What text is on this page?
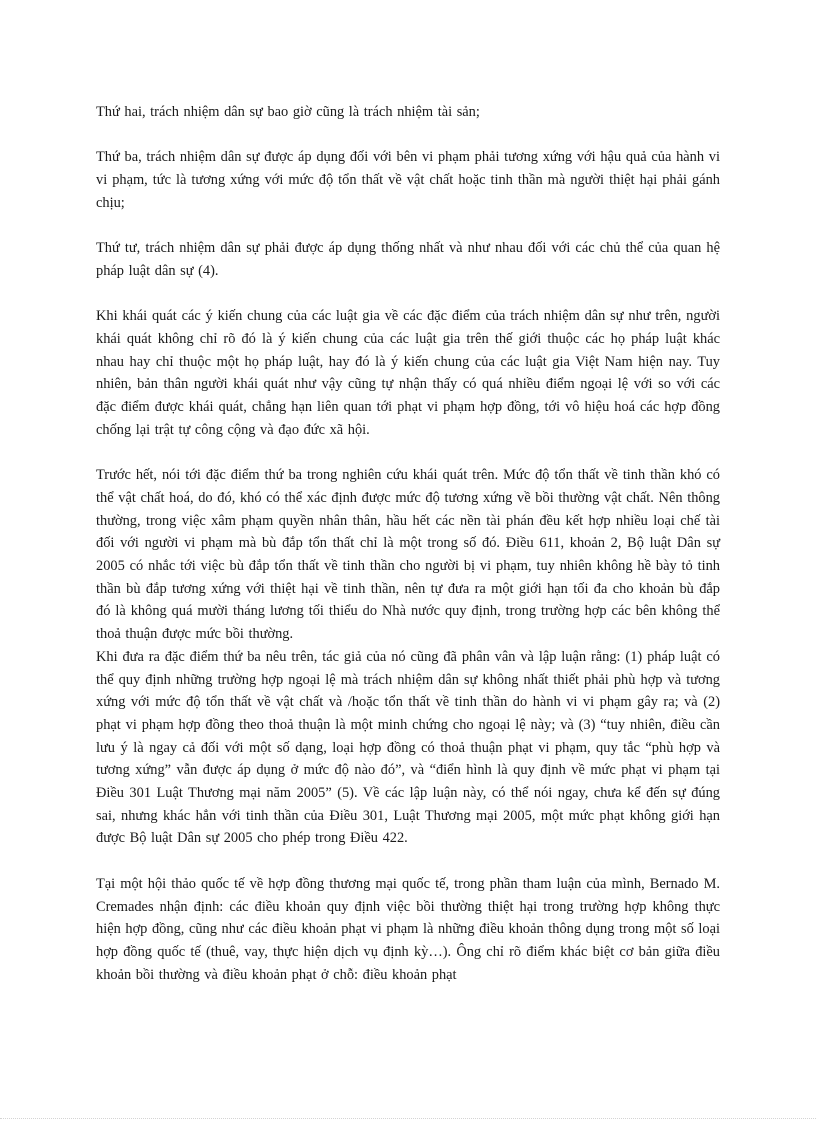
Thứ hai, trách nhiệm dân sự bao giờ cũng là trách nhiệm tài sản;

Thứ ba, trách nhiệm dân sự được áp dụng đối với bên vi phạm phải tương xứng với hậu quả của hành vi vi phạm, tức là tương xứng với mức độ tổn thất về vật chất hoặc tinh thần mà người thiệt hại phải gánh chịu;

Thứ tư, trách nhiệm dân sự phải được áp dụng thống nhất và như nhau đối với các chủ thể của quan hệ pháp luật dân sự (4).

Khi khái quát các ý kiến chung của các luật gia về các đặc điểm của trách nhiệm dân sự như trên, người khái quát không chỉ rõ đó là ý kiến chung của các luật gia trên thế giới thuộc các họ pháp luật khác nhau hay chỉ thuộc một họ pháp luật, hay đó là ý kiến chung của các luật gia Việt Nam hiện nay. Tuy nhiên, bản thân người khái quát như vậy cũng tự nhận thấy có quá nhiều điểm ngoại lệ với so với các đặc điểm được khái quát, chẳng hạn liên quan tới phạt vi phạm hợp đồng, tới vô hiệu hoá các hợp đồng chống lại trật tự công cộng và đạo đức xã hội.

Trước hết, nói tới đặc điểm thứ ba trong nghiên cứu khái quát trên. Mức độ tổn thất về tinh thần khó có thể vật chất hoá, do đó, khó có thể xác định được mức độ tương xứng về bồi thường vật chất. Nên thông thường, trong việc xâm phạm quyền nhân thân, hầu hết các nền tài phán đều kết hợp nhiều loại chế tài đối với người vi phạm mà bù đắp tổn thất chỉ là một trong số đó. Điều 611, khoản 2, Bộ luật Dân sự 2005 có nhắc tới việc bù đắp tổn thất về tinh thần cho người bị vi phạm, tuy nhiên không hề bày tỏ tinh thần bù đắp tương xứng với thiệt hại về tinh thần, nên tự đưa ra một giới hạn tối đa cho khoản bù đắp đó là không quá mười tháng lương tối thiểu do Nhà nước quy định, trong trường hợp các bên không thể thoả thuận được mức bồi thường.

Khi đưa ra đặc điểm thứ ba nêu trên, tác giả của nó cũng đã phân vân và lập luận rằng: (1) pháp luật có thể quy định những trường hợp ngoại lệ mà trách nhiệm dân sự không nhất thiết phải phù hợp và tương xứng với mức độ tổn thất về vật chất và /hoặc tổn thất về tinh thần do hành vi vi phạm gây ra; và (2) phạt vi phạm hợp đồng theo thoả thuận là một minh chứng cho ngoại lệ này; và (3) “tuy nhiên, điều cần lưu ý là ngay cả đối với một số dạng, loại hợp đồng có thoả thuận phạt vi phạm, quy tắc “phù hợp và tương xứng” vẫn được áp dụng ở mức độ nào đó”, và “điển hình là quy định về mức phạt vi phạm tại Điều 301 Luật Thương mại năm 2005” (5). Về các lập luận này, có thể nói ngay, chưa kể đến sự đúng sai, nhưng khác hẳn với tinh thần của Điều 301, Luật Thương mại 2005, một mức phạt không giới hạn được Bộ luật Dân sự 2005 cho phép trong Điều 422.

Tại một hội thảo quốc tế về hợp đồng thương mại quốc tế, trong phần tham luận của mình, Bernado M. Cremades nhận định: các điều khoản quy định việc bồi thường thiệt hại trong trường hợp không thực hiện hợp đồng, cũng như các điều khoản phạt vi phạm là những điều khoản thông dụng trong một số loại hợp đồng quốc tế (thuê, vay, thực hiện dịch vụ định kỳ…). Ông chỉ rõ điểm khác biệt cơ bản giữa điều khoản bồi thường và điều khoản phạt ở chỗ: điều khoản phạt
